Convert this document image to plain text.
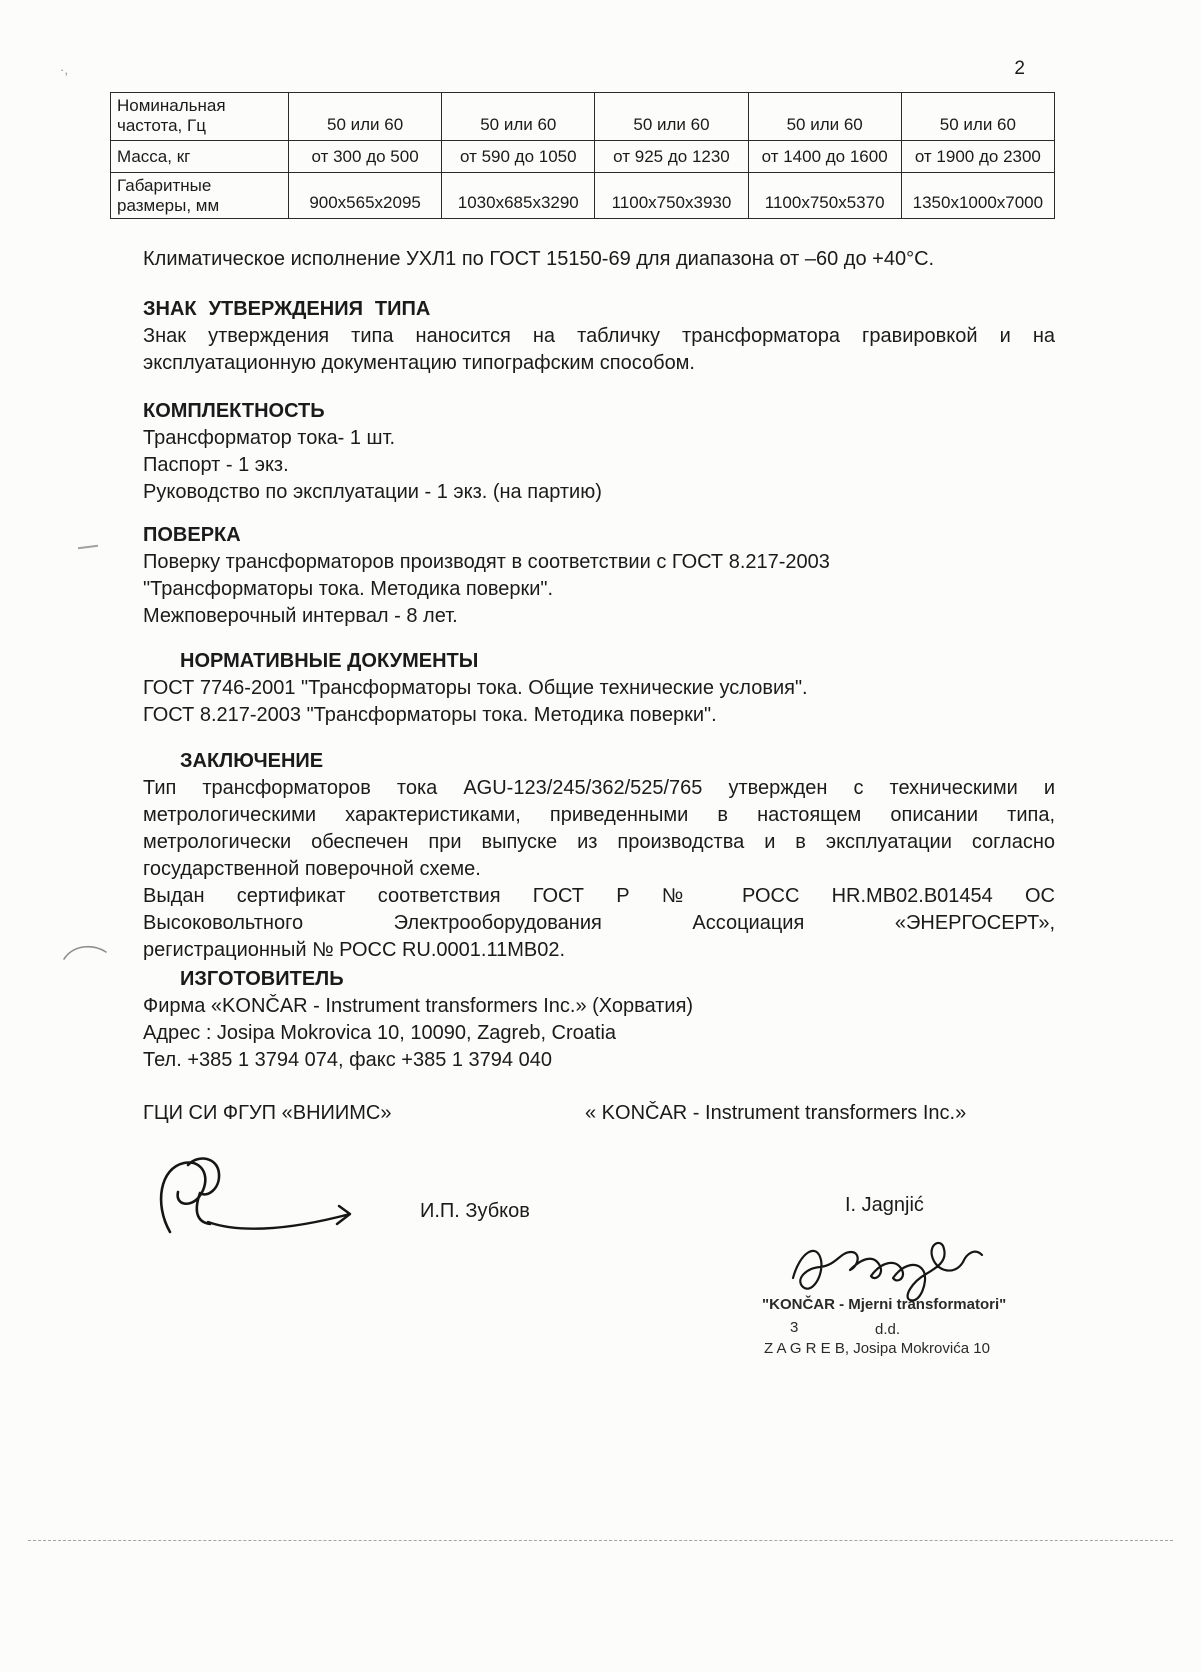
2
Номинальная частота, Гц	50 или 60	50 или 60	50 или 60	50 или 60	50 или 60
Масса, кг	от 300 до 500	от 590 до 1050	от 925 до 1230	от 1400 до 1600	от 1900 до 2300
Габаритные размеры, мм	900x565x2095	1030x685x3290	1100x750x3930	1100x750x5370	1350x1000x7000
Климатическое исполнение УХЛ1 по ГОСТ 15150-69 для диапазона от –60 до +40°С.
ЗНАК УТВЕРЖДЕНИЯ ТИПА
Знак утверждения типа наносится на табличку трансформатора гравировкой и на
эксплуатационную документацию типографским способом.
КОМПЛЕКТНОСТЬ
Трансформатор тока- 1 шт.
Паспорт - 1 экз.
Руководство по эксплуатации - 1 экз. (на партию)
ПОВЕРКА
Поверку трансформаторов производят в соответствии с ГОСТ 8.217-2003
"Трансформаторы тока. Методика поверки".
Межповерочный интервал - 8 лет.
НОРМАТИВНЫЕ ДОКУМЕНТЫ
ГОСТ 7746-2001 "Трансформаторы тока. Общие технические условия".
ГОСТ 8.217-2003 "Трансформаторы тока. Методика поверки".
ЗАКЛЮЧЕНИЕ
Тип трансформаторов тока AGU-123/245/362/525/765 утвержден с техническими и
метрологическими характеристиками, приведенными в настоящем описании типа,
метрологически обеспечен при выпуске из производства и в эксплуатации согласно
государственной поверочной схеме.
Выдан сертификат соответствия ГОСТ Р № РОСС HR.MB02.B01454 ОС
Высоковольтного Электрооборудования Ассоциация «ЭНЕРГОСЕРТ»,
регистрационный № РОСС RU.0001.11МВ02.
ИЗГОТОВИТЕЛЬ
Фирма «KONČAR - Instrument transformers Inc.» (Хорватия)
Адрес : Josipa Mokrovica 10, 10090, Zagreb, Croatia
Тел. +385 1 3794 074, факс +385 1 3794 040
ГЦИ СИ ФГУП «ВНИИМС»	« KONČAR - Instrument transformers Inc.»
И.П. Зубков	I. Jagnjić
"KONČAR - Mjerni transformatori"
3	d.d.
Z A G R E B, Josipa Mokrovića 10
·,
